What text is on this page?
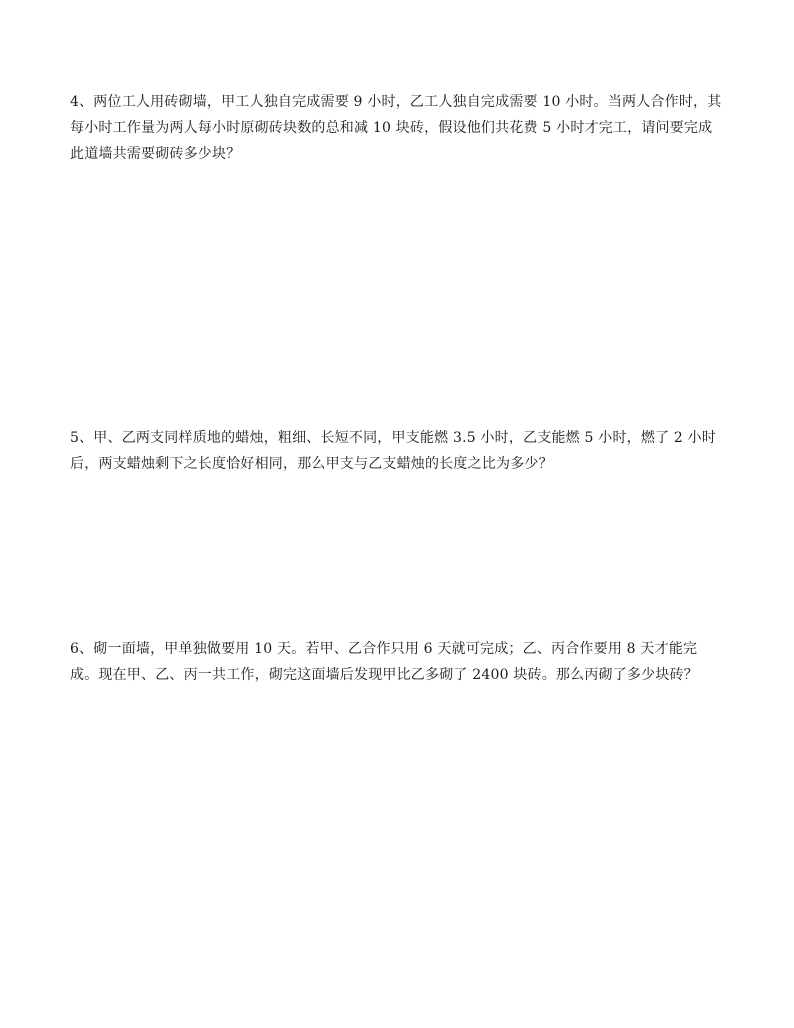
4、两位工人用砖砌墙，甲工人独自完成需要 9 小时，乙工人独自完成需要 10 小时。当两人合作时，其每小时工作量为两人每小时原砌砖块数的总和减 10 块砖，假设他们共花费 5 小时才完工，请问要完成此道墙共需要砌砖多少块？

5、甲、乙两支同样质地的蜡烛，粗细、长短不同，甲支能燃 3.5 小时，乙支能燃 5 小时，燃了 2 小时后，两支蜡烛剩下之长度恰好相同，那么甲支与乙支蜡烛的长度之比为多少？

6、砌一面墙，甲单独做要用 10 天。若甲、乙合作只用 6 天就可完成；乙、丙合作要用 8 天才能完成。现在甲、乙、丙一共工作，砌完这面墙后发现甲比乙多砌了 2400 块砖。那么丙砌了多少块砖？
